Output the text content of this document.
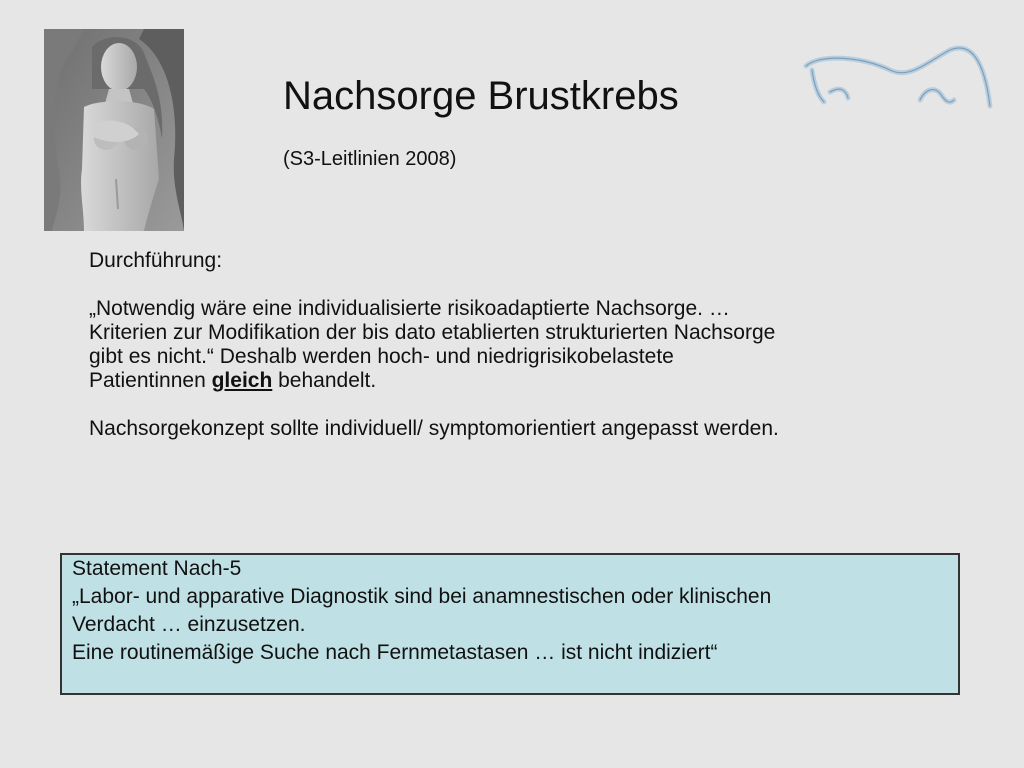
Nachsorge Brustkrebs
(S3-Leitlinien 2008)

Durchführung:

„Notwendig wäre eine individualisierte risikoadaptierte Nachsorge. …

Kriterien zur Modifikation der bis dato etablierten strukturierten Nachsorge

gibt es nicht.“ Deshalb werden hoch- und niedrigrisikobelastete

Patientinnen gleich behandelt.

Nachsorgekonzept sollte individuell/ symptomorientiert angepasst werden.

Statement Nach-5

„Labor- und apparative Diagnostik sind bei anamnestischen oder klinischen

Verdacht … einzusetzen.

Eine routinemäßige Suche nach Fernmetastasen … ist nicht indiziert“
